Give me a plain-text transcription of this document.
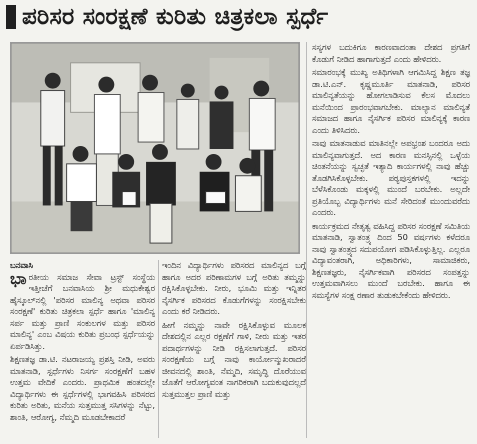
ಪರಿಸರ ಸಂರಕ್ಷಣೆ ಕುರಿತು ಚಿತ್ರಕಲಾ ಸ್ಪರ್ಧೆ

ಸಸ್ಯಗಳ ಬದುಕಿಗೂ ಕಾರಣವಾದಂತಾ ದೇಶದ ಪ್ರಗತಿಗೆ ಕೊಡುಗೆ ನೀಡಿದ ಹಾಗಾಗುತ್ತದೆ ಎಂದು ಹೇಳಿದರು.

ಸಮಾರಂಭಕ್ಕೆ ಮುಖ್ಯ ಅತಿಥಿಗಳಾಗಿ ಆಗಮಿಸಿದ್ದ ಶಿಕ್ಷಣ ತಜ್ಞ ಡಾ.ಟಿ.ಎನ್. ಕೃಷ್ಣಮೂರ್ತಿ ಮಾತನಾಡಿ, ಪರಿಸರ ಮಾಲಿನ್ಯತೆಯನ್ನು ಹೋಗಲಾಡಿಸುವ ಕೆಲಸ ಮೊದಲು ಮನೆಯಿಂದ ಪ್ರಾರಂಭವಾಗಬೇಕು. ಮಾಲ್ಯಾನ ಮಾಲಿನ್ಯತೆ ಸಮಾಜದ ಹಾಗೂ ನೈಸರ್ಗಿಕ ಪರಿಸರ ಮಾಲಿನ್ಯಕ್ಕೆ ಕಾರಣ ಎಂದು ತಿಳಿಸಿದರು.

ನಾವು ಮಾತನಾಡುವ ಮಾತಿನಲ್ಲೇ ಅಪಭ್ರಂಶ ಬಂದರೂ ಅದು ಮಾಲಿನ್ಯವಾಗುತ್ತದೆ. ಅದ ಕಾರಣ ಮನಸ್ಸಿನಲ್ಲಿ ಒಳ್ಳೆಯ ಚಿಂತನೆಯನ್ನು ಸ್ವಚ್ಛತೆ ಇತ್ಯಾದಿ ಕಾರ್ಯಗಳಲ್ಲಿ ನಾವು ಹೆಚ್ಚು ತೊಡಗಿಸಿಕೊಳ್ಳಬೇಕು. ಪಠ್ಯಪುಸ್ತಕಗಳಲ್ಲಿ ಇದನ್ನು ಬೆಳೆಸಿಕೊಂಡು ಮಕ್ಕಳಲ್ಲಿ ಮುಂದೆ ಬರಬೇಕು. ಅಲ್ಲದೇ ಪ್ರತಿಯೊಬ್ಬ ವಿದ್ಯಾರ್ಥಿಗಳು ಮನೆ ಸೇರಿದಂತೆ ಮುಂದುವರೆದು ಎಂದರು.

ಕಾರ್ಯಕ್ರಮದ ನೇತೃತ್ವ ವಹಿಸಿದ್ದ ಪರಿಸರ ಸಂರಕ್ಷಣೆ ಸಮಿತಿಯ ಮಾತನಾಡಿ, ಸ್ವಾತಂತ್ರ್ಯ ದಿಂದ 50 ವರ್ಷಗಳು ಕಳೆದರೂ ನಾವು ಸ್ವಾತಂತ್ರ್ಯದ ಸದುಪಯೋಗ ಪಡಿಸಿಕೊಳ್ಳುತ್ತಿಲ್ಲ. ಎಲ್ಲರೂ ವಿದ್ಯಾವಂತರಾಗಿ, ಅಧಿಕಾರಿಗಳು, ಸಾಮಾಜಿಕರು, ಶಿಕ್ಷಣತಜ್ಞರು, ನೈಸರ್ಗಿಕವಾಗಿ ಪರಿಸರದ ಸಂಪತ್ತನ್ನು ಉತ್ತಮವಾಗಿಸಲು ಮುಂದೆ ಬರಬೇಕು. ಹಾಗೂ ಈ ಸಮಸ್ಯೆಗಳ ಸಂಕ್ಷ ರಣಾರ ತುಡುಕಬೇಕೆಂದು ಹೇಳಿದರು.

ಬನವಾಸಿ

ಭಾರತೀಯ ಸಮಾಜ ಸೇವಾ ಟ್ರಸ್ಟ್ ಸಂಸ್ಥೆಯ ಇತ್ತೀಚೆಗೆ ಬನವಾಸಿಯ ಶ್ರೀ ಮಧುಕೇಶ್ವರ ಹೈಸ್ಕೂಲ್‌ನಲ್ಲಿ 'ಪರಿಸರ ಮಾಲಿನ್ಯ ಅಥವಾ ಪರಿಸರ ಸಂರಕ್ಷಣೆ' ಕುರಿತು ಚಿತ್ರಕಲಾ ಸ್ಪರ್ಧೆ ಹಾಗೂ 'ಮಾಲಿನ್ಯ ಸರ್ಪ ಮತ್ತು ಪ್ರಾಣಿ ಸಂಕುಲಗಳ ಮತ್ತು ಪರಿಸರ ಮಾಲಿನ್ಯ' ಎಂಬ ವಿಷಯ ಕುರಿತು ಪ್ರಬಂಧ ಸ್ಪರ್ಧೆಯನ್ನು ಏರ್ಪಡಿಸಿತ್ತು.

ಶಿಕ್ಷಣತಜ್ಞ ಡಾ.ಟಿ. ನಟರಾಜಯ್ಯ ಪ್ರಶಸ್ತಿ ನೀಡಿ, ಅವರು ಮಾತನಾಡಿ, ಸ್ಪರ್ಧೆಗಳು ನಿಸರ್ಗ ಸಂರಕ್ಷಣೆಗೆ ಬಹಳ ಉತ್ತಮ ವೇದಿಕೆ ಎಂದರು. ಪ್ರಾಥಮಿಕ ಹಂತದಲ್ಲೇ ವಿದ್ಯಾರ್ಥಿಗಳು ಈ ಸ್ಪರ್ಧೆಗಳಲ್ಲಿ ಭಾಗವಹಿಸಿ ಪರಿಸರದ ಕುರಿತು ಅರಿತು, ಮನೆಯ ಸುತ್ತಮುತ್ತ ಸಸಿಗಳನ್ನು ನೆಟ್ಟು, ಶಾಂತಿ, ಆರೋಗ್ಯ, ನೆಮ್ಮದಿ ಮೂಡಬೇಕಾದರೆ

ಇಂದಿನ ವಿದ್ಯಾರ್ಥಿಗಳು ಪರಿಸರದ ಮಾಲಿನ್ಯದ ಬಗ್ಗೆ ಹಾಗೂ ಅದರ ಪರಿಣಾಮಗಳ ಬಗ್ಗೆ ಅರಿತು ತಮ್ಮನ್ನು ರಕ್ಷಿಸಿಕೊಳ್ಳಬೇಕು. ನೀರು, ಭೂಮಿ ಮತ್ತು ಇನ್ನಿತರ ನೈಸರ್ಗಿಕ ಪರಿಸರದ ಕೊಡುಗೆಗಳನ್ನು ಸಂರಕ್ಷಿಸಬೇಕು ಎಂದು ಕರೆ ನೀಡಿದರು.

ಹೀಗೆ ನಮ್ಮನ್ನು ನಾವೇ ರಕ್ಷಿಸಿಕೊಳ್ಳುವ ಮೂಲಕ ದೇಶದಲ್ಲಿನ ಎಲ್ಲರ ರಕ್ಷಣೆಗೆ ಗಾಳಿ, ನೀರು ಮತ್ತು ಇತರ ಪದಾರ್ಥಗಳನ್ನು ನೀಡಿ ರಕ್ಷಿಸಲಾಗುತ್ತದೆ. ಪರಿಸರ ಸಂರಕ್ಷಣೆಯ ಬಗ್ಗೆ ನಾವು ಕಾರ್ಯೋನ್ಮುಖರಾದರೆ ಜೀವನದಲ್ಲಿ ಶಾಂತಿ, ನೆಮ್ಮದಿ, ಸಮೃದ್ಧಿ ದೊರೆಯುವ ಜೊತೆಗೆ ಆರೋಗ್ಯವಂತ ನಾಗರಿಕರಾಗಿ ಬದುಕುವುದಲ್ಲದೆ ಸುತ್ತಮುತ್ತಲ ಪ್ರಾಣಿ ಮತ್ತು
